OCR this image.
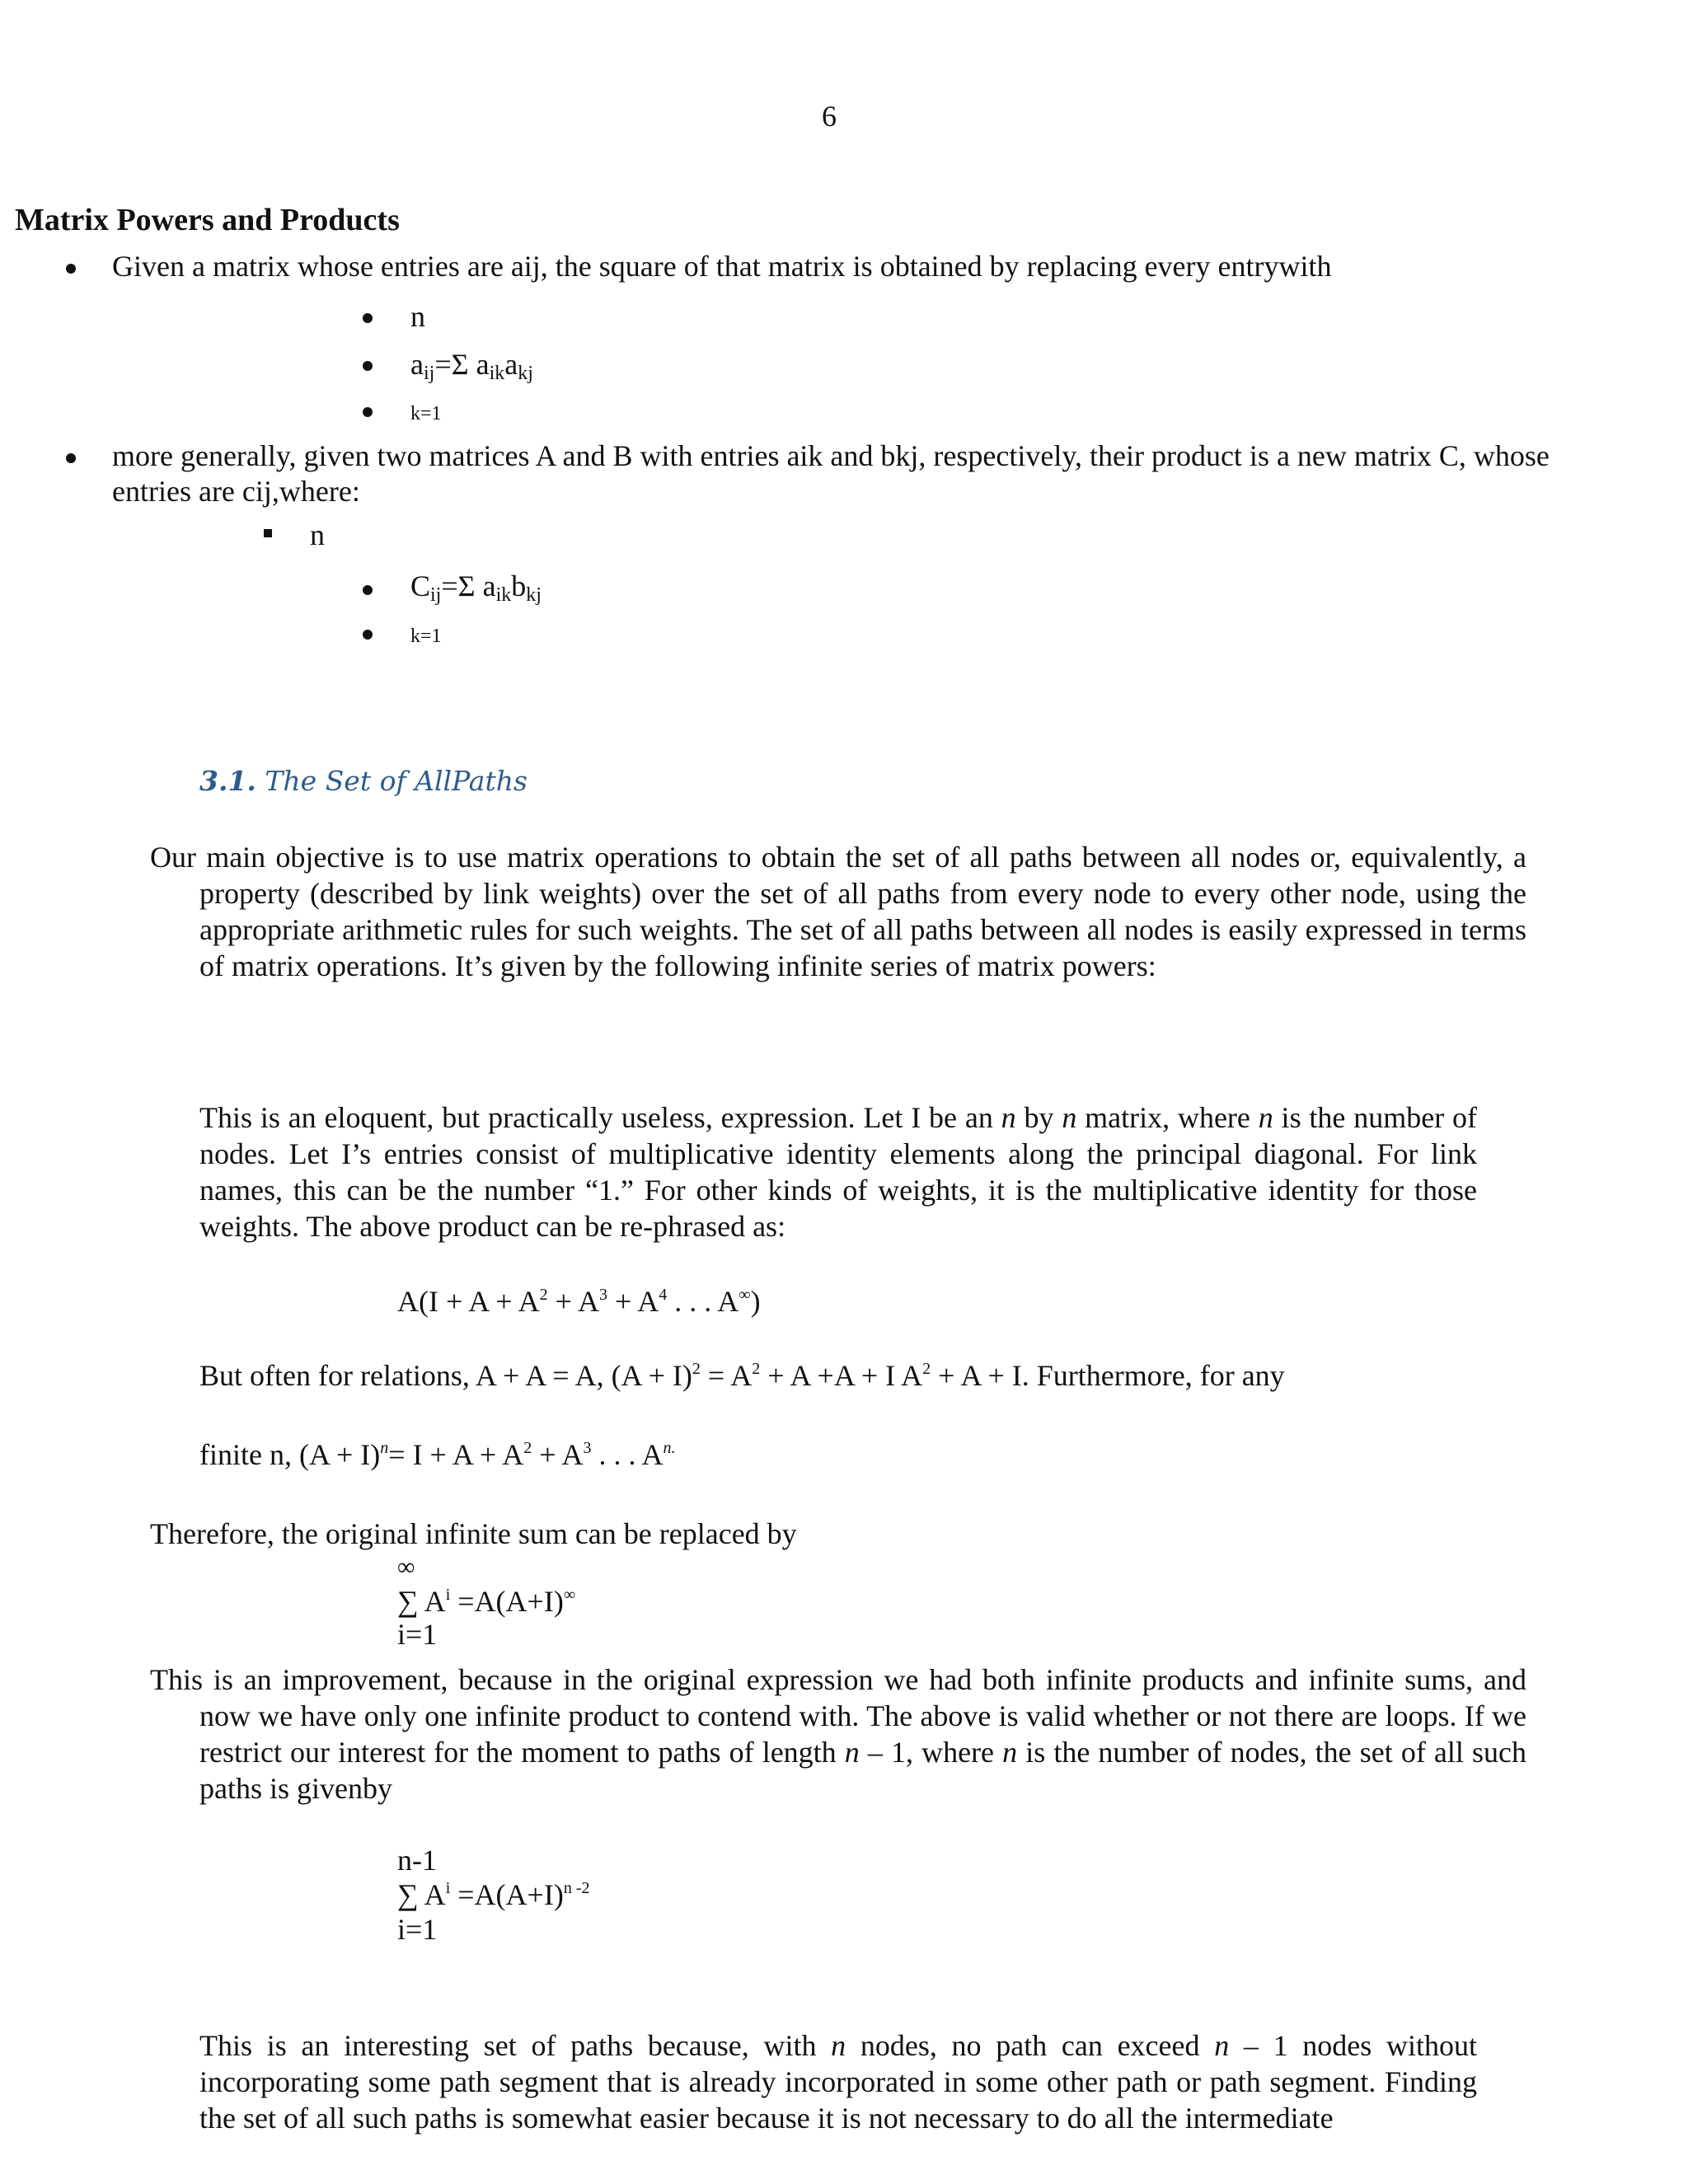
6
Matrix Powers and Products
Given a matrix whose entries are aij, the square of that matrix is obtained by replacing every entrywith
n
$a_{ij}=\Sigma$ $a_{ik}a_{kj}$
k=1
more generally, given two matrices A and B with entries aik and bkj, respectively, their product is a new matrix C, whose
entries are cij,where:
n
$C_{ij}=\Sigma$ $a_{ik}b_{kj}$
k=1
3.1. The Set of AllPaths
Our main objective is to use matrix operations to obtain the set of all paths between all nodes or, equivalently, a property (described by link weights) over the set of all paths from every node to every other node, using the appropriate arithmetic rules for such weights. The set of all paths between all nodes is easily expressed in terms of matrix operations. It’s given by the following infinite series of matrix powers:
This is an eloquent, but practically useless, expression. Let I be an n by n matrix, where n is the number of nodes. Let I’s entries consist of multiplicative identity elements along the principal diagonal. For link names, this can be the number “1.” For other kinds of weights, it is the multiplicative identity for those weights. The above product can be re-phrased as:
$A(I + A + A^2 + A^3 + A^4$ . . . A∞)
But often for relations, A + A = A, $(A + I)^2 = A^2 + A +A + I$ $A^2 + A + I$. Furthermore, for any
finite n, $(A + I)^n= I + A + A^2 + A^3$ . . . $A^{n.}$
Therefore, the original infinite sum can be replaced by
∞
∑ $A^i =A(A+I)^\infty$
i=1
This is an improvement, because in the original expression we had both infinite products and infinite sums, and now we have only one infinite product to contend with. The above is valid whether or not there are loops. If we restrict our interest for the moment to paths of length n – 1, where n is the number of nodes, the set of all such paths is givenby
n-1
∑ $A^i =A(A+I)^{n -2}$
i=1
This is an interesting set of paths because, with n nodes, no path can exceed n – 1 nodes without incorporating some path segment that is already incorporated in some other path or path segment. Finding the set of all such paths is somewhat easier because it is not necessary to do all the intermediate
